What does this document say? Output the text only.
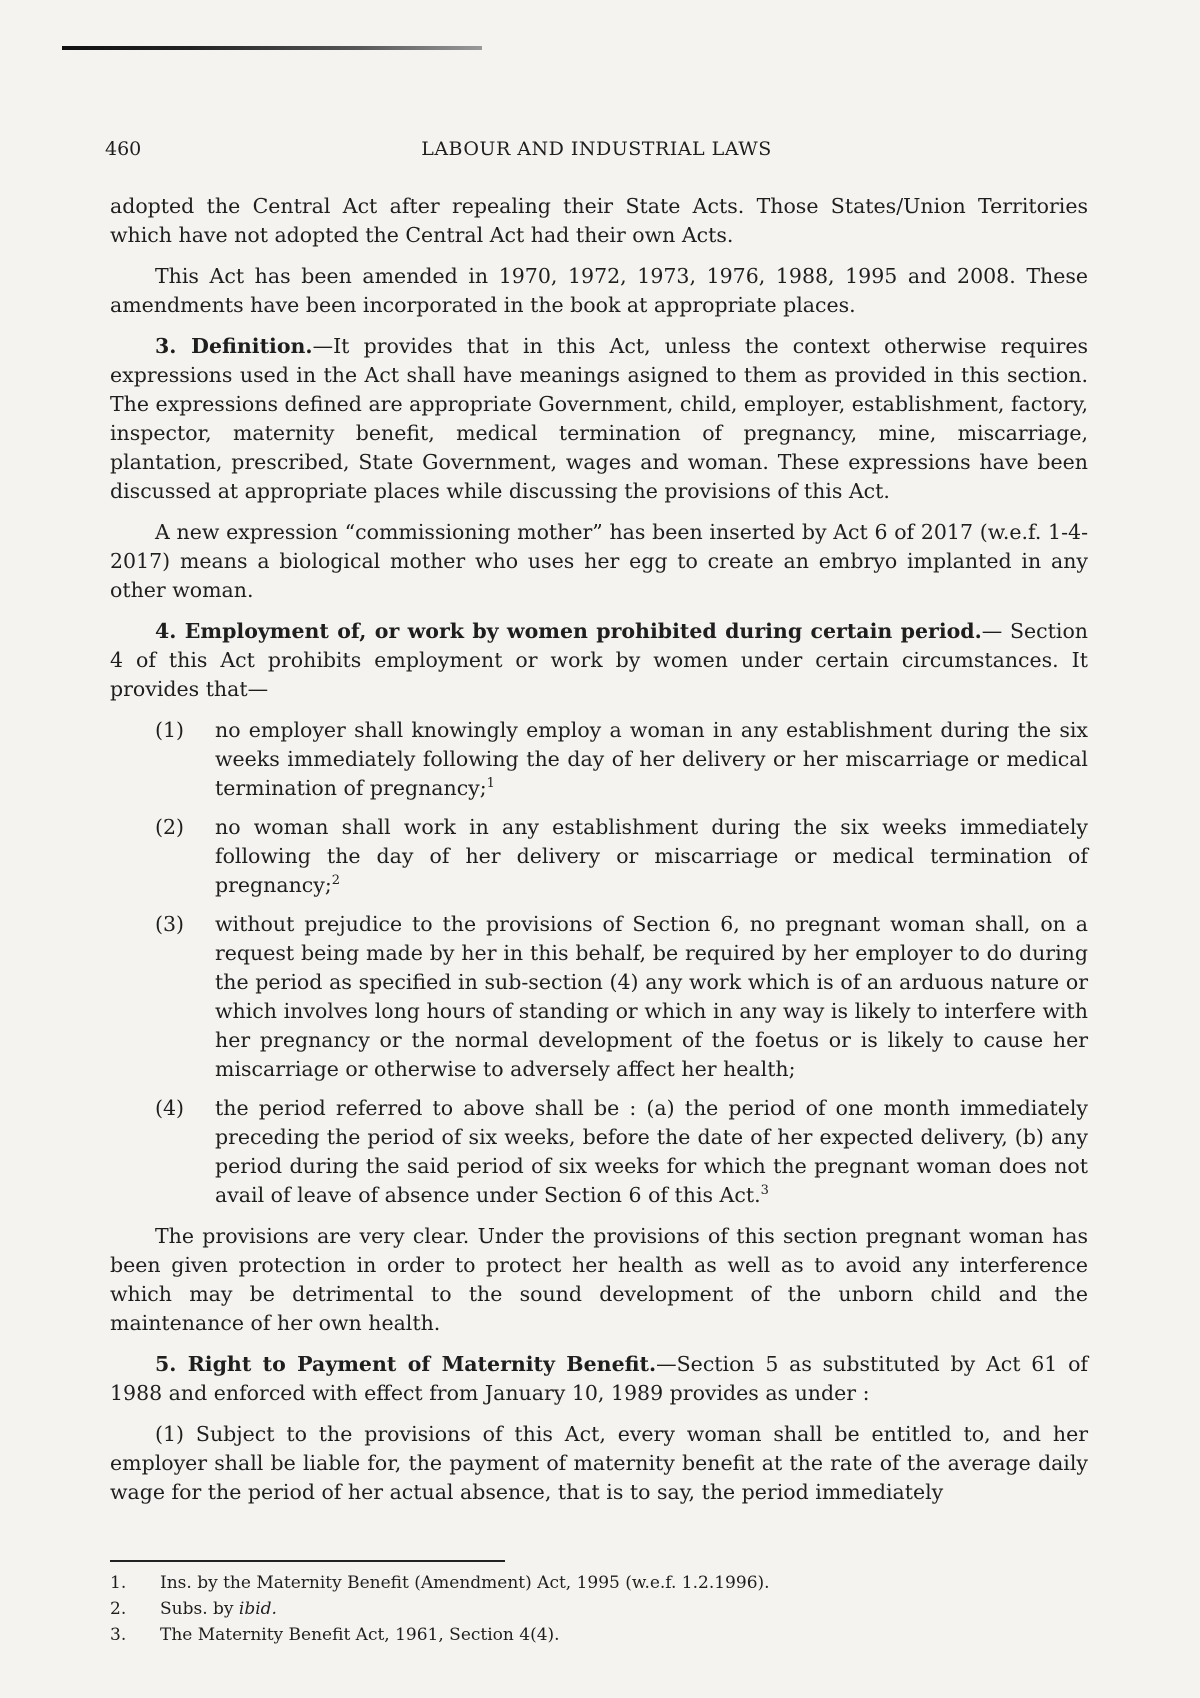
460	LABOUR AND INDUSTRIAL LAWS

adopted the Central Act after repealing their State Acts. Those States/Union Territories which have not adopted the Central Act had their own Acts.

This Act has been amended in 1970, 1972, 1973, 1976, 1988, 1995 and 2008. These amendments have been incorporated in the book at appropriate places.

3. Definition.—It provides that in this Act, unless the context otherwise requires expressions used in the Act shall have meanings asigned to them as provided in this section. The expressions defined are appropriate Government, child, employer, establishment, factory, inspector, maternity benefit, medical termination of pregnancy, mine, miscarriage, plantation, prescribed, State Government, wages and woman. These expressions have been discussed at appropriate places while discussing the provisions of this Act.

A new expression “commissioning mother” has been inserted by Act 6 of 2017 (w.e.f. 1-4-2017) means a biological mother who uses her egg to create an embryo implanted in any other woman.

4. Employment of, or work by women prohibited during certain period.— Section 4 of this Act prohibits employment or work by women under certain circumstances. It provides that—

(1)	no employer shall knowingly employ a woman in any establishment during the six weeks immediately following the day of her delivery or her miscarriage or medical termination of pregnancy;$^1$
(2)	no woman shall work in any establishment during the six weeks immediately following the day of her delivery or miscarriage or medical termination of pregnancy;$^2$
(3)	without prejudice to the provisions of Section 6, no pregnant woman shall, on a request being made by her in this behalf, be required by her employer to do during the period as specified in sub-section (4) any work which is of an arduous nature or which involves long hours of standing or which in any way is likely to interfere with her pregnancy or the normal development of the foetus or is likely to cause her miscarriage or otherwise to adversely affect her health;
(4)	the period referred to above shall be : (a) the period of one month immediately preceding the period of six weeks, before the date of her expected delivery, (b) any period during the said period of six weeks for which the pregnant woman does not avail of leave of absence under Section 6 of this Act.$^3$

The provisions are very clear. Under the provisions of this section pregnant woman has been given protection in order to protect her health as well as to avoid any interference which may be detrimental to the sound development of the unborn child and the maintenance of her own health.

5. Right to Payment of Maternity Benefit.—Section 5 as substituted by Act 61 of 1988 and enforced with effect from January 10, 1989 provides as under :

(1) Subject to the provisions of this Act, every woman shall be entitled to, and her employer shall be liable for, the payment of maternity benefit at the rate of the average daily wage for the period of her actual absence, that is to say, the period immediately

1.	Ins. by the Maternity Benefit (Amendment) Act, 1995 (w.e.f. 1.2.1996).
2.	Subs. by ibid.
3.	The Maternity Benefit Act, 1961, Section 4(4).
